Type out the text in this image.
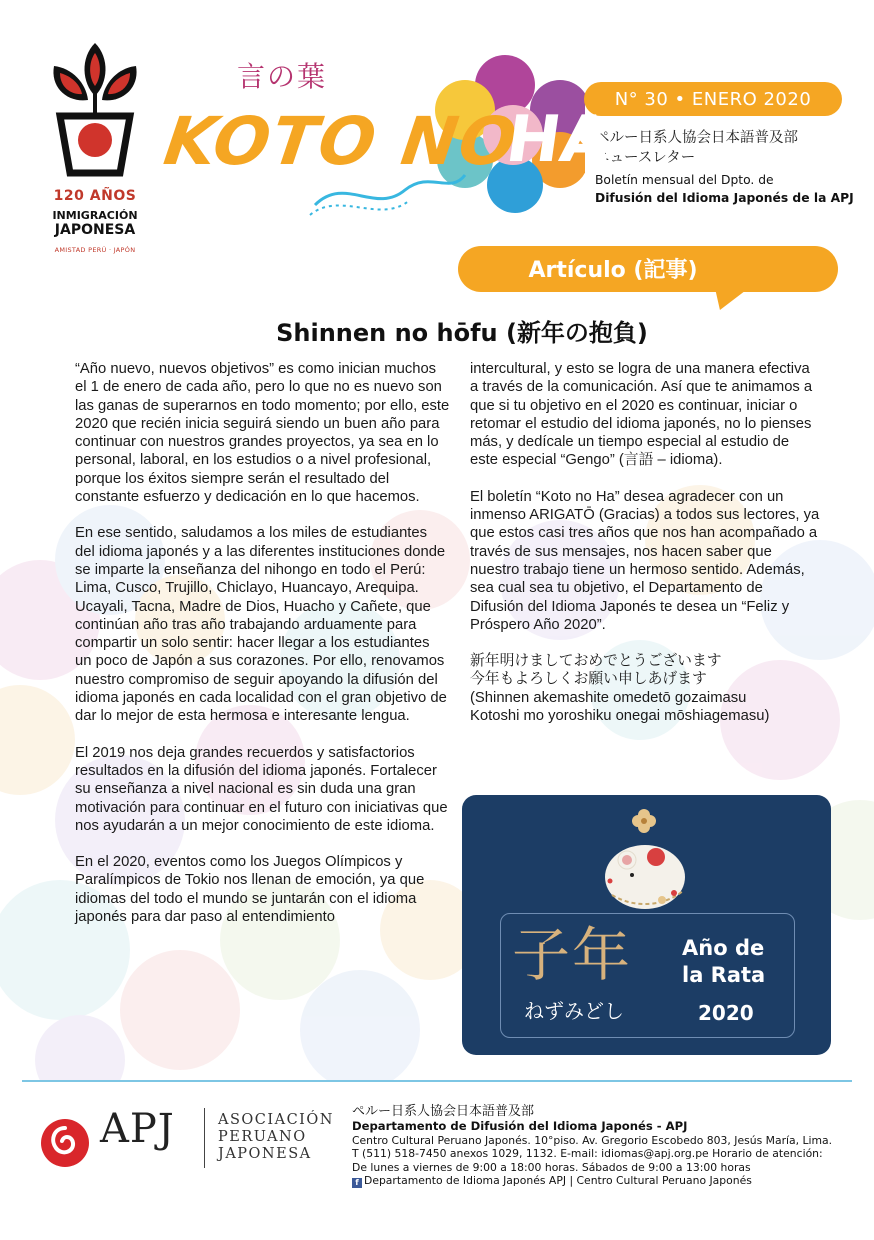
120 AÑOS
INMIGRACIÓN
JAPONESA
AMISTAD PERÚ · JAPÓN
言の葉
KOTO NO
HA
N° 30 • ENERO 2020
ペルー日系人協会日本語普及部
ニュースレター
Boletín mensual del Dpto. de
Difusión del Idioma Japonés de la APJ
Artículo (記事)
Shinnen no hōfu (新年の抱負)

“Año nuevo, nuevos objetivos” es como inician muchos el 1 de enero de cada año, pero lo que no es nuevo son las ganas de superarnos en todo momento; por ello, este 2020 que recién inicia seguirá siendo un buen año para continuar con nuestros grandes proyectos, ya sea en lo personal, laboral, en los estudios o a nivel profesional, porque los éxitos siempre serán el resultado del constante esfuerzo y dedicación en lo que hacemos.

En ese sentido, saludamos a los miles de estudiantes del idioma japonés y a las diferentes instituciones donde se imparte la enseñanza del nihongo en todo el Perú: Lima, Cusco, Trujillo, Chiclayo, Huancayo, Arequipa. Ucayali, Tacna, Madre de Dios, Huacho y Cañete, que continúan año tras año trabajando arduamente para compartir un solo sentir: hacer llegar a los estudiantes un poco de Japón a sus corazones. Por ello, renovamos nuestro compromiso de seguir apoyando la difusión del idioma japonés en cada localidad con el gran objetivo de dar lo mejor de esta hermosa e interesante lengua.

El 2019 nos deja grandes recuerdos y satisfactorios resultados en la difusión del idioma japonés. Fortalecer su enseñanza a nivel nacional es sin duda una gran motivación para continuar en el futuro con iniciativas que nos ayudarán a un mejor conocimiento de este idioma.

En el 2020, eventos como los Juegos Olímpicos y Paralímpicos de Tokio nos llenan de emoción, ya que idiomas del todo el mundo se juntarán con el idioma japonés para dar paso al entendimiento

intercultural, y esto se logra de una manera efectiva a través de la comunicación. Así que te animamos a que si tu objetivo en el 2020 es continuar, iniciar o retomar el estudio del idioma japonés, no lo pienses más, y dedícale un tiempo especial al estudio de este especial “Gengo” (言語 – idioma).

El boletín “Koto no Ha” desea agradecer con un inmenso ARIGATŌ (Gracias) a todos sus lectores, ya que estos casi tres años que nos han acompañado a través de sus mensajes, nos hacen saber que nuestro trabajo tiene un hermoso sentido. Además, sea cual sea tu objetivo, el Departamento de Difusión del Idioma Japonés te desea un “Feliz y Próspero Año 2020”.

新年明けましておめでとうございます
今年もよろしくお願い申しあげます
(Shinnen akemashite omedetō gozaimasu
Kotoshi mo yoroshiku onegai mōshiagemasu)

子年
ねずみどし
Año de
la Rata
2020
APJ	ASOCIACIÓN
PERUANO
JAPONESA
ペルー日系人協会日本語普及部
Departamento de Difusión del Idioma Japonés - APJ
Centro Cultural Peruano Japonés. 10°piso. Av. Gregorio Escobedo 803, Jesús María, Lima.
T (511) 518-7450 anexos 1029, 1132. E-mail: idiomas@apj.org.pe Horario de atención:
De lunes a viernes de 9:00 a 18:00 horas. Sábados de 9:00 a 13:00 horas
f Departamento de Idioma Japonés APJ | Centro Cultural Peruano Japonés
